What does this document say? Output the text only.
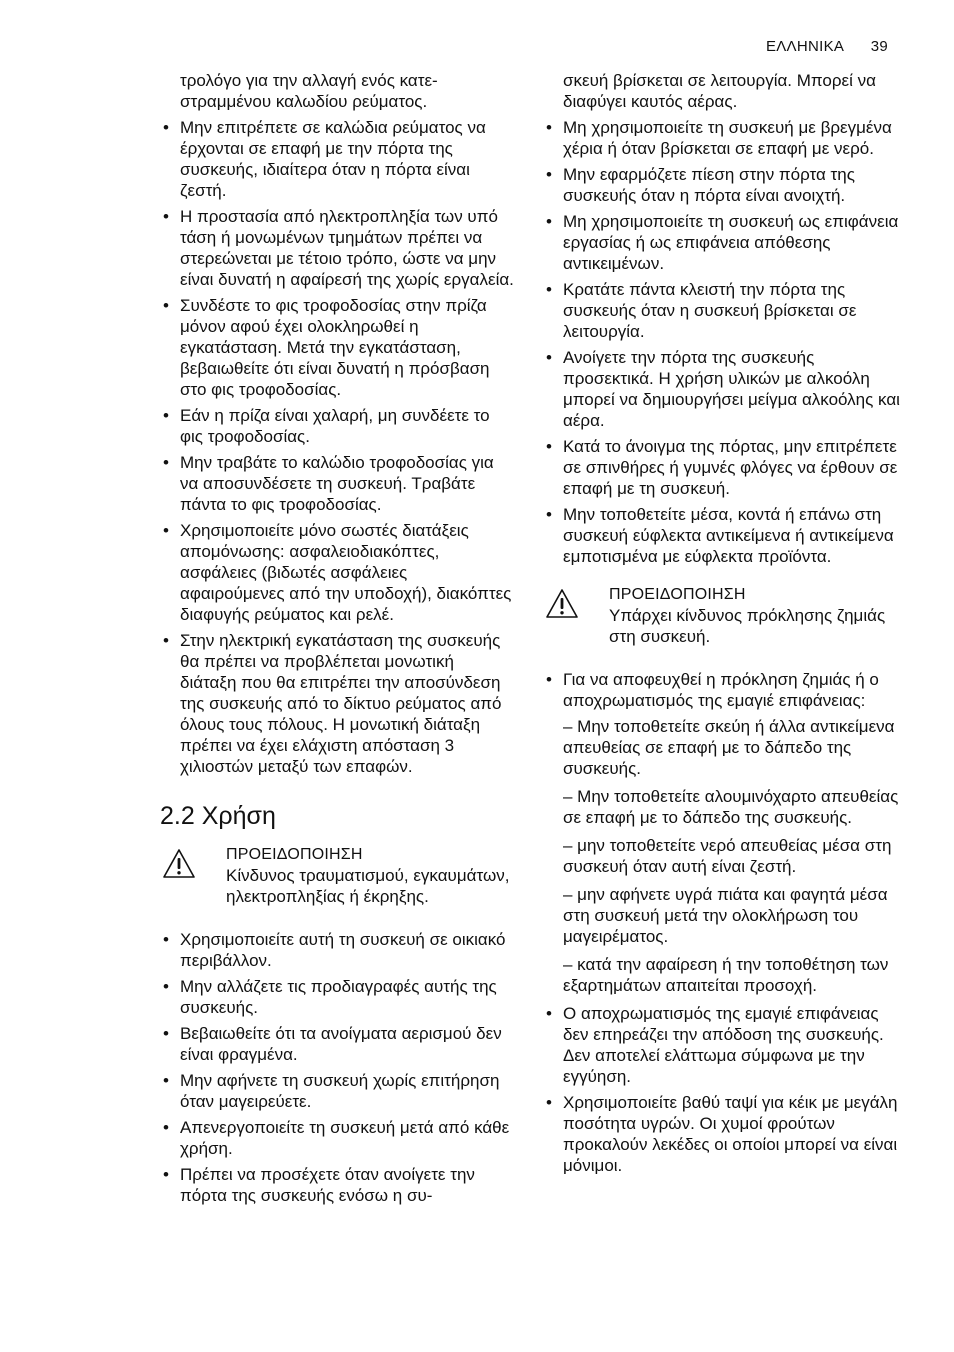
ΕΛΛΗΝΙΚΑ 39

τρολόγο για την αλλαγή ενός κατε-στραμμένου καλωδίου ρεύματος.

• Μην επιτρέπετε σε καλώδια ρεύματος να έρχονται σε επαφή με την πόρτα της συσκευής, ιδιαίτερα όταν η πόρτα είναι ζεστή.
• Η προστασία από ηλεκτροπληξία των υπό τάση ή μονωμένων τμημάτων πρέπει να στερεώνεται με τέτοιο τρόπο, ώστε να μην είναι δυνατή η αφαίρεσή της χωρίς εργαλεία.
• Συνδέστε το φις τροφοδοσίας στην πρίζα μόνον αφού έχει ολοκληρωθεί η εγκατάσταση. Μετά την εγκατάσταση, βεβαιωθείτε ότι είναι δυνατή η πρόσβαση στο φις τροφοδοσίας.
• Εάν η πρίζα είναι χαλαρή, μη συνδέετε το φις τροφοδοσίας.
• Μην τραβάτε το καλώδιο τροφοδοσίας για να αποσυνδέσετε τη συσκευή. Τραβάτε πάντα το φις τροφοδοσίας.
• Χρησιμοποιείτε μόνο σωστές διατάξεις απομόνωσης: ασφαλειοδιακόπτες, ασφάλειες (βιδωτές ασφάλειες αφαιρούμενες από την υποδοχή), διακόπτες διαφυγής ρεύματος και ρελέ.
• Στην ηλεκτρική εγκατάσταση της συσκευής θα πρέπει να προβλέπεται μονωτική διάταξη που θα επιτρέπει την αποσύνδεση της συσκευής από το δίκτυο ρεύματος από όλους τους πόλους. Η μονωτική διάταξη πρέπει να έχει ελάχιστη απόσταση 3 χιλιοστών μεταξύ των επαφών.
2.2 Χρήση
ΠΡΟΕΙΔΟΠΟΙΗΣΗ
Κίνδυνος τραυματισμού, εγκαυμάτων, ηλεκτροπληξίας ή έκρηξης.
• Χρησιμοποιείτε αυτή τη συσκευή σε οικιακό περιβάλλον.
• Μην αλλάζετε τις προδιαγραφές αυτής της συσκευής.
• Βεβαιωθείτε ότι τα ανοίγματα αερισμού δεν είναι φραγμένα.
• Μην αφήνετε τη συσκευή χωρίς επιτήρηση όταν μαγειρεύετε.
• Απενεργοποιείτε τη συσκευή μετά από κάθε χρήση.
• Πρέπει να προσέχετε όταν ανοίγετε την πόρτα της συσκευής ενόσω η συ-

σκευή βρίσκεται σε λειτουργία. Μπορεί να διαφύγει καυτός αέρας.

• Μη χρησιμοποιείτε τη συσκευή με βρεγμένα χέρια ή όταν βρίσκεται σε επαφή με νερό.
• Μην εφαρμόζετε πίεση στην πόρτα της συσκευής όταν η πόρτα είναι ανοιχτή.
• Μη χρησιμοποιείτε τη συσκευή ως επιφάνεια εργασίας ή ως επιφάνεια απόθεσης αντικειμένων.
• Κρατάτε πάντα κλειστή την πόρτα της συσκευής όταν η συσκευή βρίσκεται σε λειτουργία.
• Ανοίγετε την πόρτα της συσκευής προσεκτικά. Η χρήση υλικών με αλκοόλη μπορεί να δημιουργήσει μείγμα αλκοόλης και αέρα.
• Κατά το άνοιγμα της πόρτας, μην επιτρέπετε σε σπινθήρες ή γυμνές φλόγες να έρθουν σε επαφή με τη συσκευή.
• Μην τοποθετείτε μέσα, κοντά ή επάνω στη συσκευή εύφλεκτα αντικείμενα ή αντικείμενα εμποτισμένα με εύφλεκτα προϊόντα.
ΠΡΟΕΙΔΟΠΟΙΗΣΗ
Υπάρχει κίνδυνος πρόκλησης ζημιάς στη συσκευή.
• Για να αποφευχθεί η πρόκληση ζημιάς ή ο αποχρωματισμός της εμαγιέ επιφάνειας:

– Μην τοποθετείτε σκεύη ή άλλα αντικείμενα απευθείας σε επαφή με το δάπεδο της συσκευής.

– Μην τοποθετείτε αλουμινόχαρτο απευθείας σε επαφή με το δάπεδο της συσκευής.

– μην τοποθετείτε νερό απευθείας μέσα στη συσκευή όταν αυτή είναι ζεστή.

– μην αφήνετε υγρά πιάτα και φαγητά μέσα στη συσκευή μετά την ολοκλήρωση του μαγειρέματος.

– κατά την αφαίρεση ή την τοποθέτηση των εξαρτημάτων απαιτείται προσοχή.

• Ο αποχρωματισμός της εμαγιέ επιφάνειας δεν επηρεάζει την απόδοση της συσκευής. Δεν αποτελεί ελάττωμα σύμφωνα με την εγγύηση.
• Χρησιμοποιείτε βαθύ ταψί για κέικ με μεγάλη ποσότητα υγρών. Οι χυμοί φρούτων προκαλούν λεκέδες οι οποίοι μπορεί να είναι μόνιμοι.
